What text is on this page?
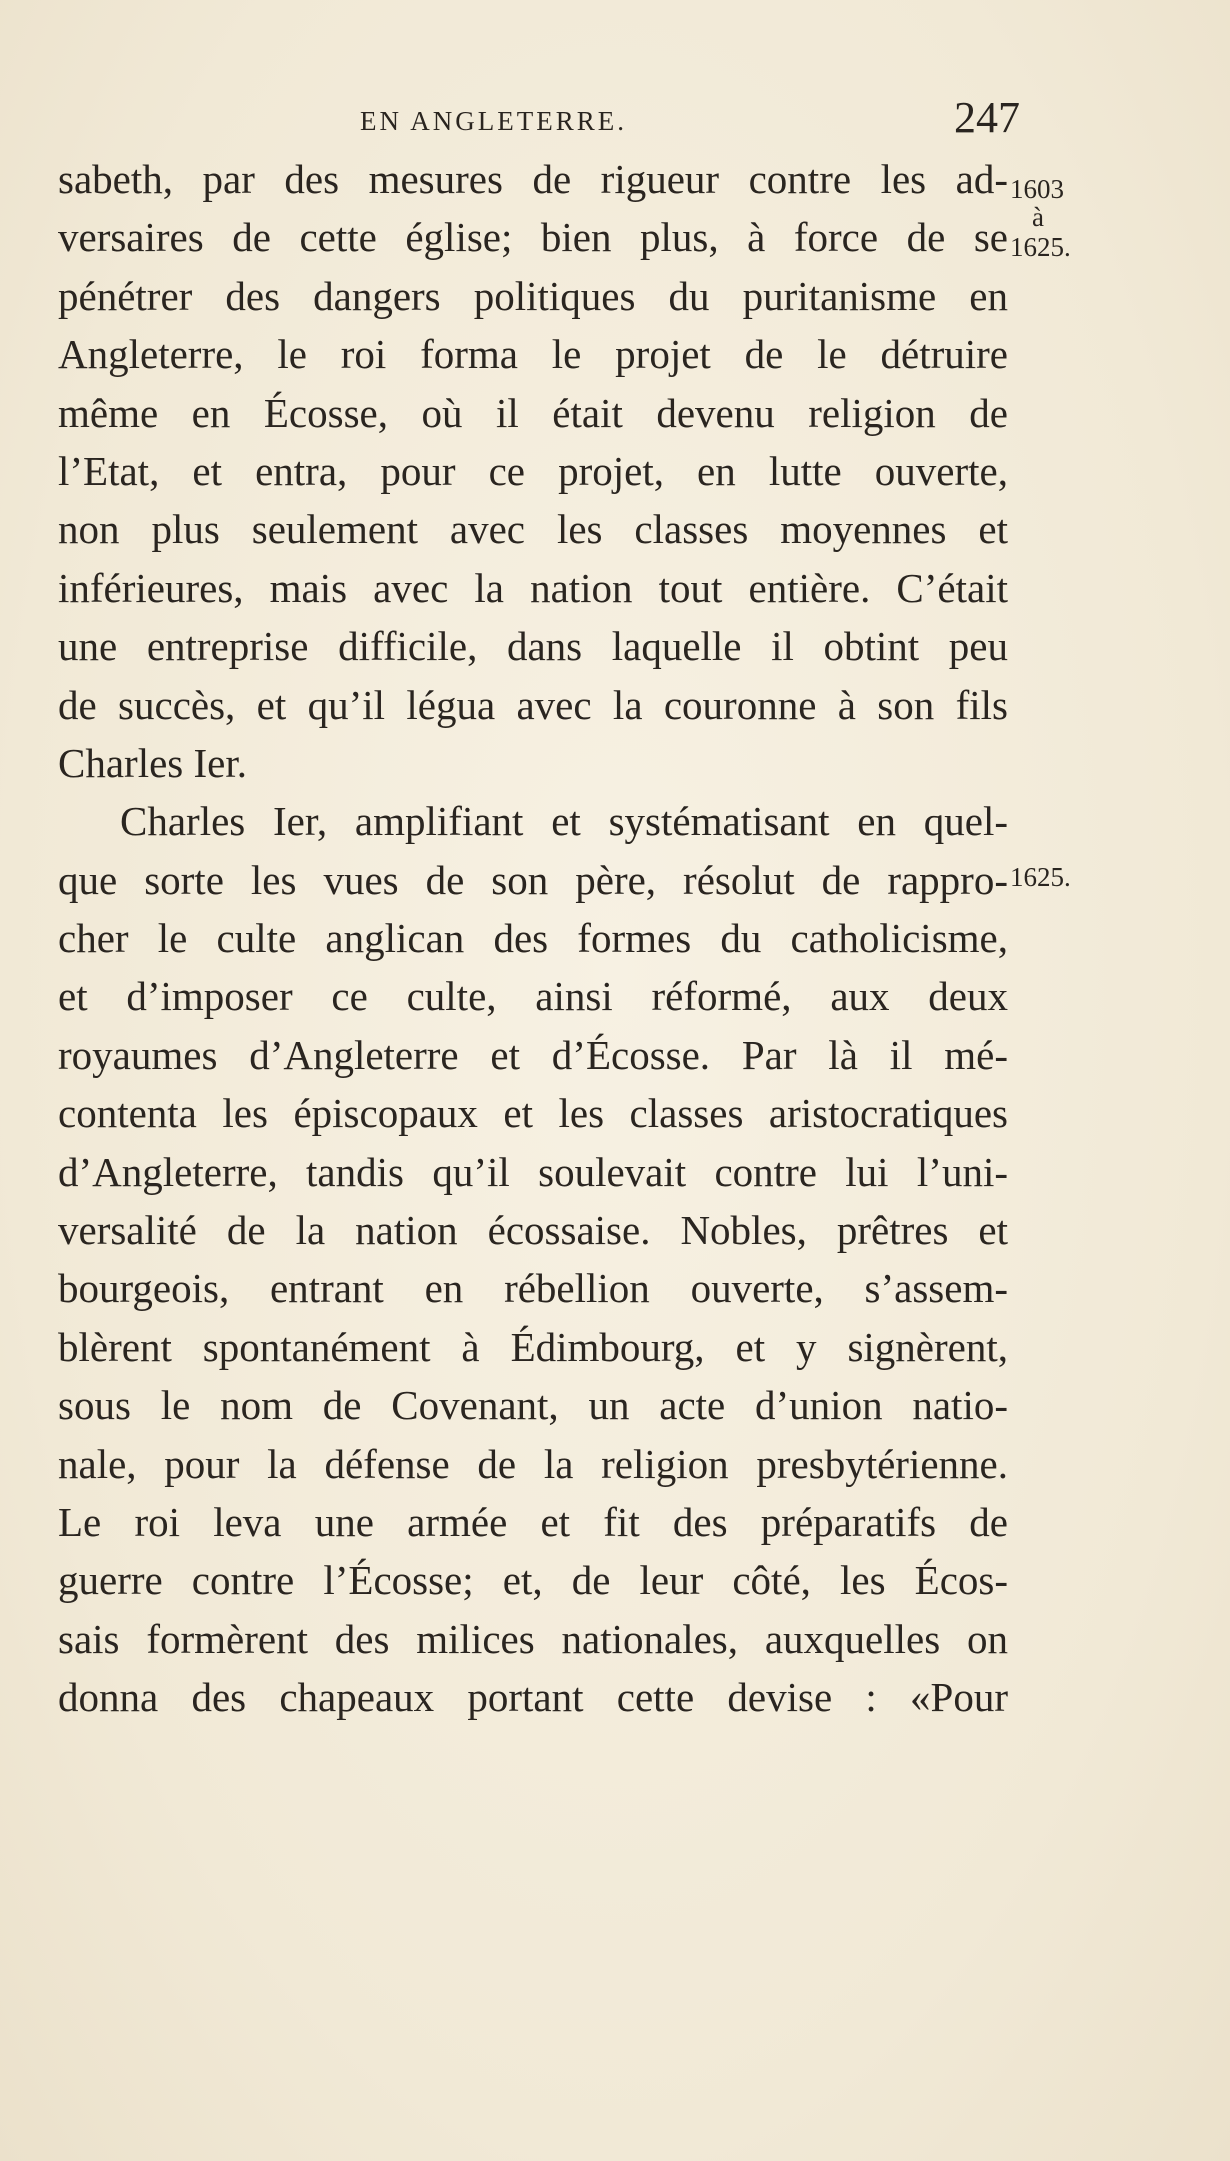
EN ANGLETERRE.	247
sabeth, par des mesures de rigueur contre les ad-
versaires de cette église; bien plus, à force de se
pénétrer des dangers politiques du puritanisme en
Angleterre, le roi forma le projet de le détruire
même en Écosse, où il était devenu religion de
l’Etat, et entra, pour ce projet, en lutte ouverte,
non plus seulement avec les classes moyennes et
inférieures, mais avec la nation tout entière. C’était
une entreprise difficile, dans laquelle il obtint peu
de succès, et qu’il légua avec la couronne à son fils
Charles Ier.
Charles Ier, amplifiant et systématisant en quel-
que sorte les vues de son père, résolut de rappro-
cher le culte anglican des formes du catholicisme,
et d’imposer ce culte, ainsi réformé, aux deux
royaumes d’Angleterre et d’Écosse. Par là il mé-
contenta les épiscopaux et les classes aristocratiques
d’Angleterre, tandis qu’il soulevait contre lui l’uni-
versalité de la nation écossaise. Nobles, prêtres et
bourgeois, entrant en rébellion ouverte, s’assem-
blèrent spontanément à Édimbourg, et y signèrent,
sous le nom de Covenant, un acte d’union natio-
nale, pour la défense de la religion presbytérienne.
Le roi leva une armée et fit des préparatifs de
guerre contre l’Écosse; et, de leur côté, les Écos-
sais formèrent des milices nationales, auxquelles on
donna des chapeaux portant cette devise : «Pour
1603
à
1625.
1625.
